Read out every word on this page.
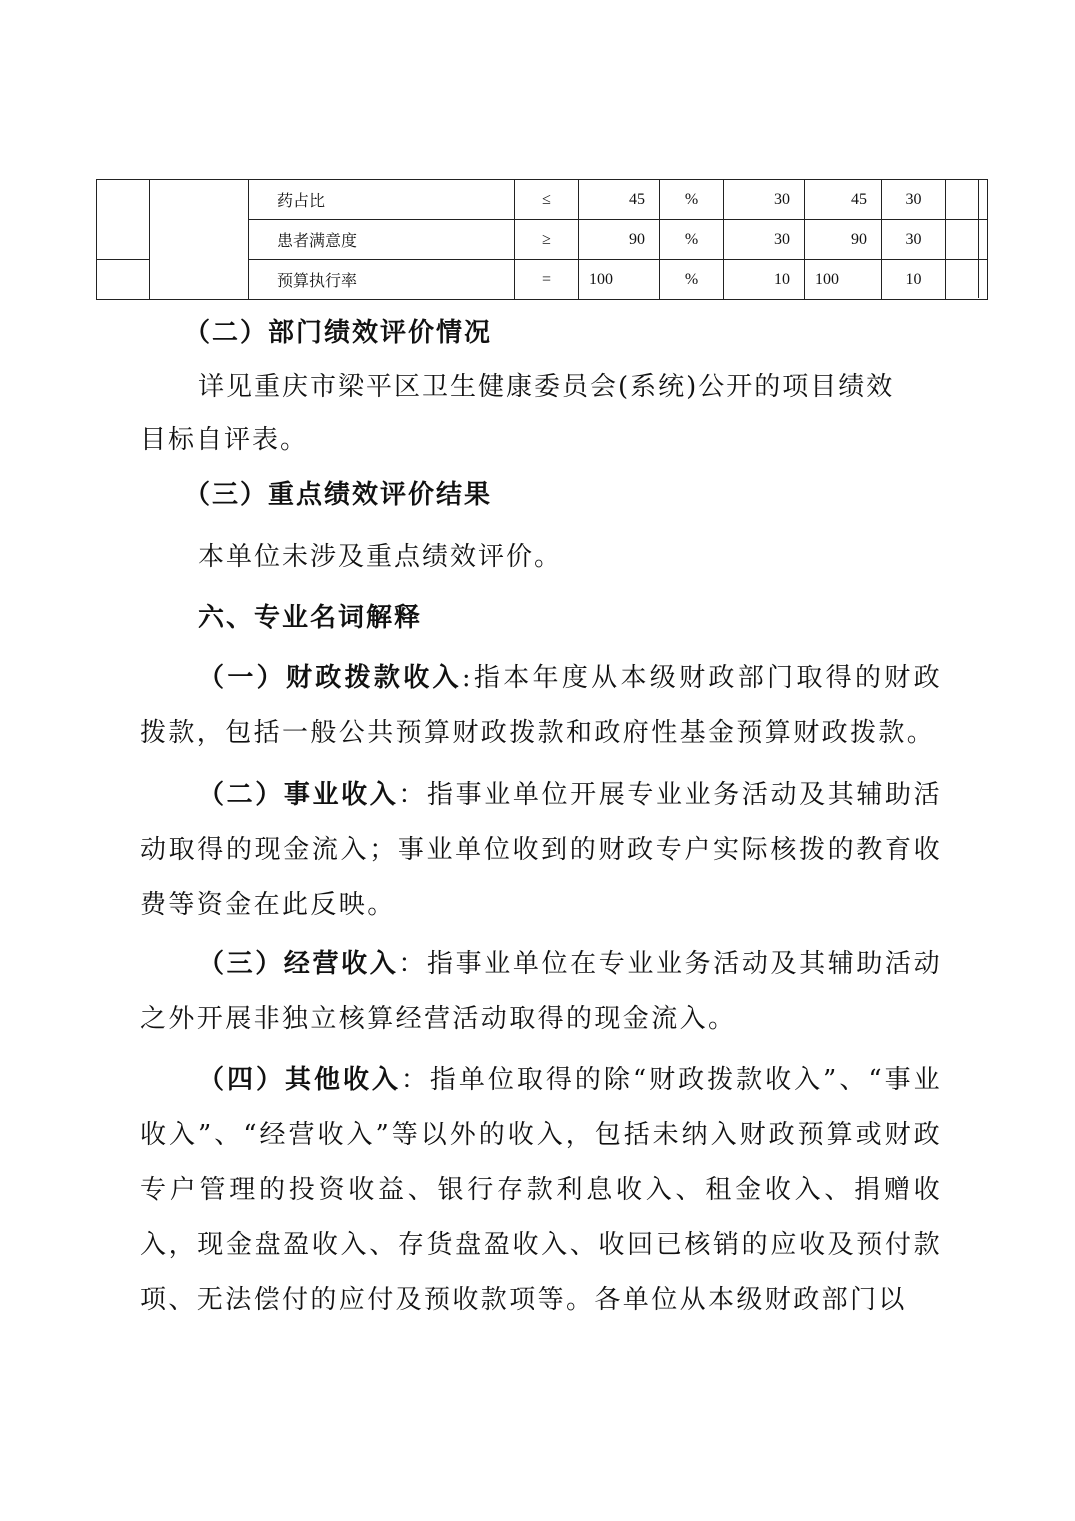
		药占比	≤	45	%	30	45	30	
		患者满意度	≥	90	%	30	90	30	
		预算执行率	=	100	%	10	100	10	
（二）部门绩效评价情况
详见重庆市梁平区卫生健康委员会(系统)公开的项目绩效
目标自评表。
（三）重点绩效评价结果
本单位未涉及重点绩效评价。
六、专业名词解释
（一）财政拨款收入:指本年度从本级财政部门取得的财政拨款，包括一般公共预算财政拨款和政府性基金预算财政拨款。
（二）事业收入：指事业单位开展专业业务活动及其辅助活动取得的现金流入；事业单位收到的财政专户实际核拨的教育收费等资金在此反映。
（三）经营收入：指事业单位在专业业务活动及其辅助活动之外开展非独立核算经营活动取得的现金流入。
（四）其他收入：指单位取得的除“财政拨款收入”、“事业收入”、“经营收入”等以外的收入，包括未纳入财政预算或财政专户管理的投资收益、银行存款利息收入、租金收入、捐赠收入，现金盘盈收入、存货盘盈收入、收回已核销的应收及预付款项、无法偿付的应付及预收款项等。各单位从本级财政部门以
